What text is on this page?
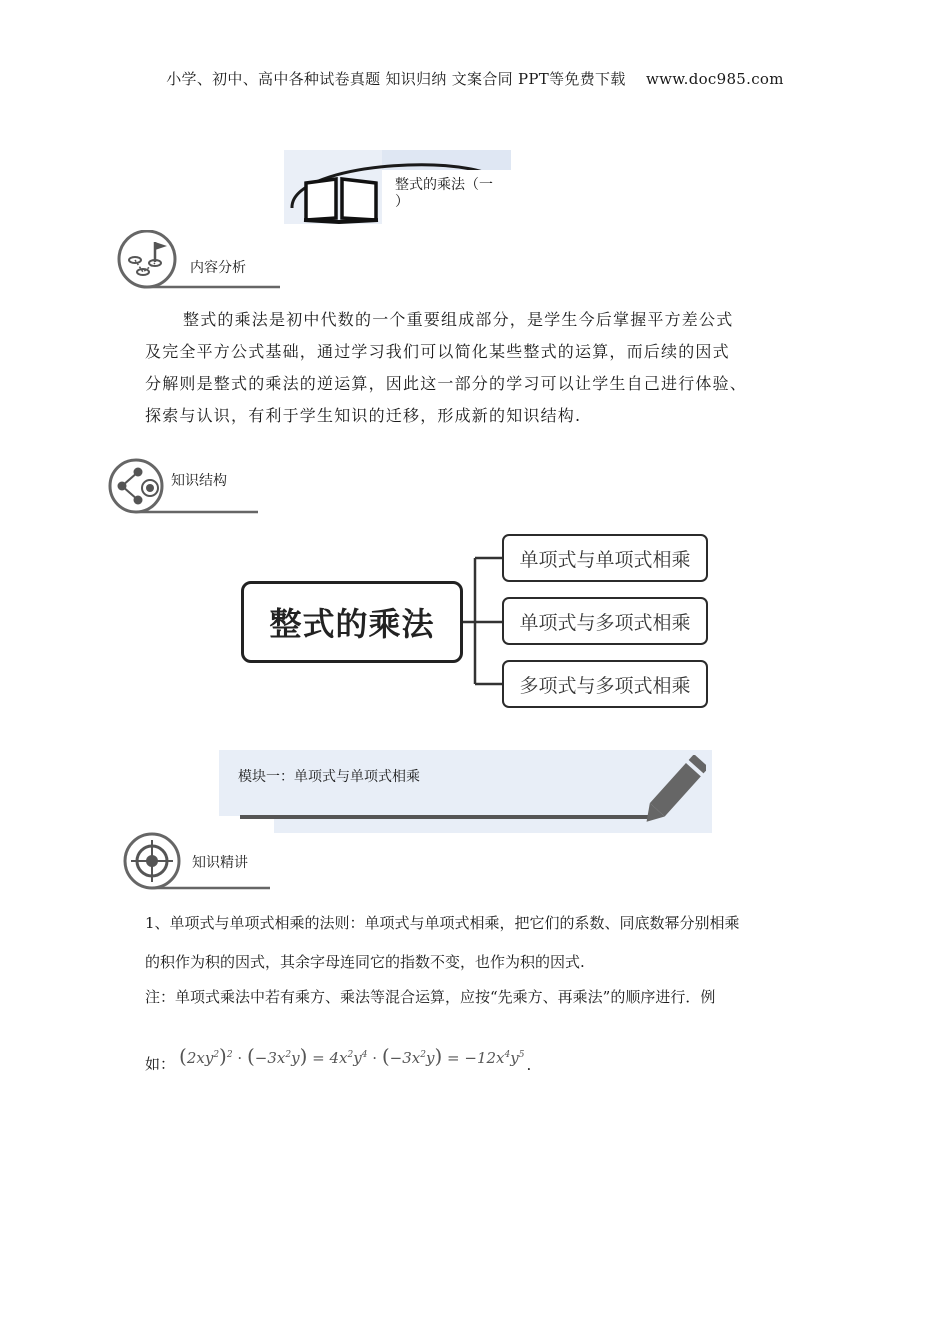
小学、初中、高中各种试卷真题 知识归纳 文案合同 PPT等免费下载　 www.doc985.com
整式的乘法（一
）
内容分析

整式的乘法是初中代数的一个重要组成部分，是学生今后掌握平方差公式

及完全平方公式基础，通过学习我们可以简化某些整式的运算，而后续的因式

分解则是整式的乘法的逆运算，因此这一部分的学习可以让学生自己进行体验、

探索与认识，有利于学生知识的迁移，形成新的知识结构.

知识结构
整式的乘法
单项式与单项式相乘
单项式与多项式相乘
多项式与多项式相乘
模块一：单项式与单项式相乘
知识精讲
1、单项式与单项式相乘的法则：单项式与单项式相乘，把它们的系数、同底数幂分别相乘
的积作为积的因式，其余字母连同它的指数不变，也作为积的因式.
注：单项式乘法中若有乘方、乘法等混合运算，应按“先乘方、再乘法”的顺序进行．例
如： $(2xy^2)^2 \cdot (-3x^2y) = 4x^2y^4 \cdot (-3x^2y) = -12x^4y^5$
.
